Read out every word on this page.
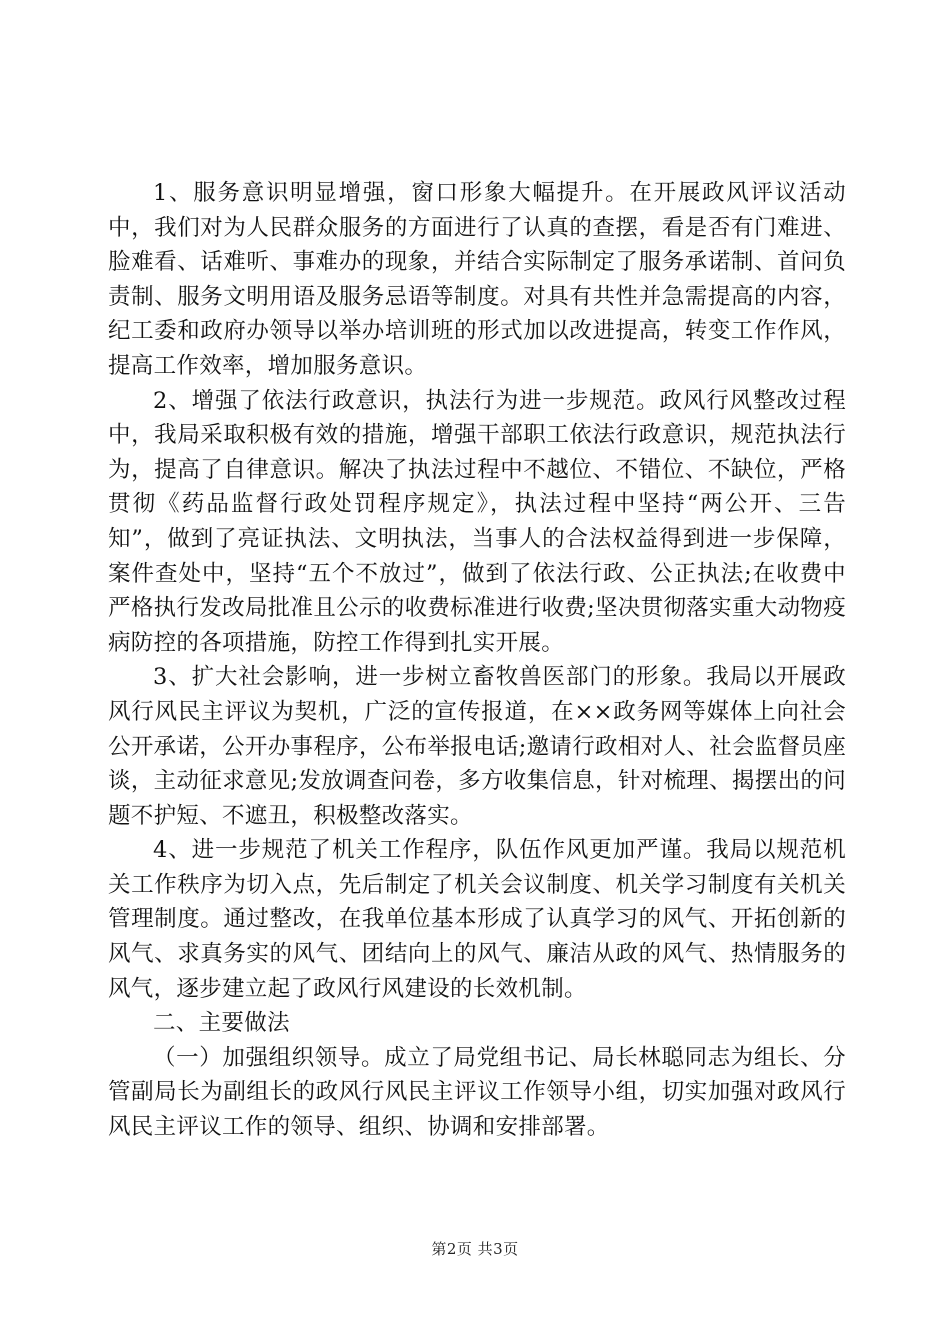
1、服务意识明显增强，窗口形象大幅提升。在开展政风评议活动中，我们对为人民群众服务的方面进行了认真的查摆，看是否有门难进、脸难看、话难听、事难办的现象，并结合实际制定了服务承诺制、首问负责制、服务文明用语及服务忌语等制度。对具有共性并急需提高的内容，纪工委和政府办领导以举办培训班的形式加以改进提高，转变工作作风，提高工作效率，增加服务意识。

2、增强了依法行政意识，执法行为进一步规范。政风行风整改过程中，我局采取积极有效的措施，增强干部职工依法行政意识，规范执法行为，提高了自律意识。解决了执法过程中不越位、不错位、不缺位，严格贯彻《药品监督行政处罚程序规定》，执法过程中坚持“两公开、三告知”，做到了亮证执法、文明执法，当事人的合法权益得到进一步保障，案件查处中，坚持“五个不放过”，做到了依法行政、公正执法;在收费中严格执行发改局批准且公示的收费标准进行收费;坚决贯彻落实重大动物疫病防控的各项措施，防控工作得到扎实开展。

3、扩大社会影响，进一步树立畜牧兽医部门的形象。我局以开展政风行风民主评议为契机，广泛的宣传报道，在××政务网等媒体上向社会公开承诺，公开办事程序，公布举报电话;邀请行政相对人、社会监督员座谈，主动征求意见;发放调查问卷，多方收集信息，针对梳理、揭摆出的问题不护短、不遮丑，积极整改落实。

4、进一步规范了机关工作程序，队伍作风更加严谨。我局以规范机关工作秩序为切入点，先后制定了机关会议制度、机关学习制度有关机关管理制度。通过整改，在我单位基本形成了认真学习的风气、开拓创新的风气、求真务实的风气、团结向上的风气、廉洁从政的风气、热情服务的风气，逐步建立起了政风行风建设的长效机制。

二、主要做法

（一）加强组织领导。成立了局党组书记、局长林聪同志为组长、分管副局长为副组长的政风行风民主评议工作领导小组，切实加强对政风行风民主评议工作的领导、组织、协调和安排部署。

第2页 共3页
